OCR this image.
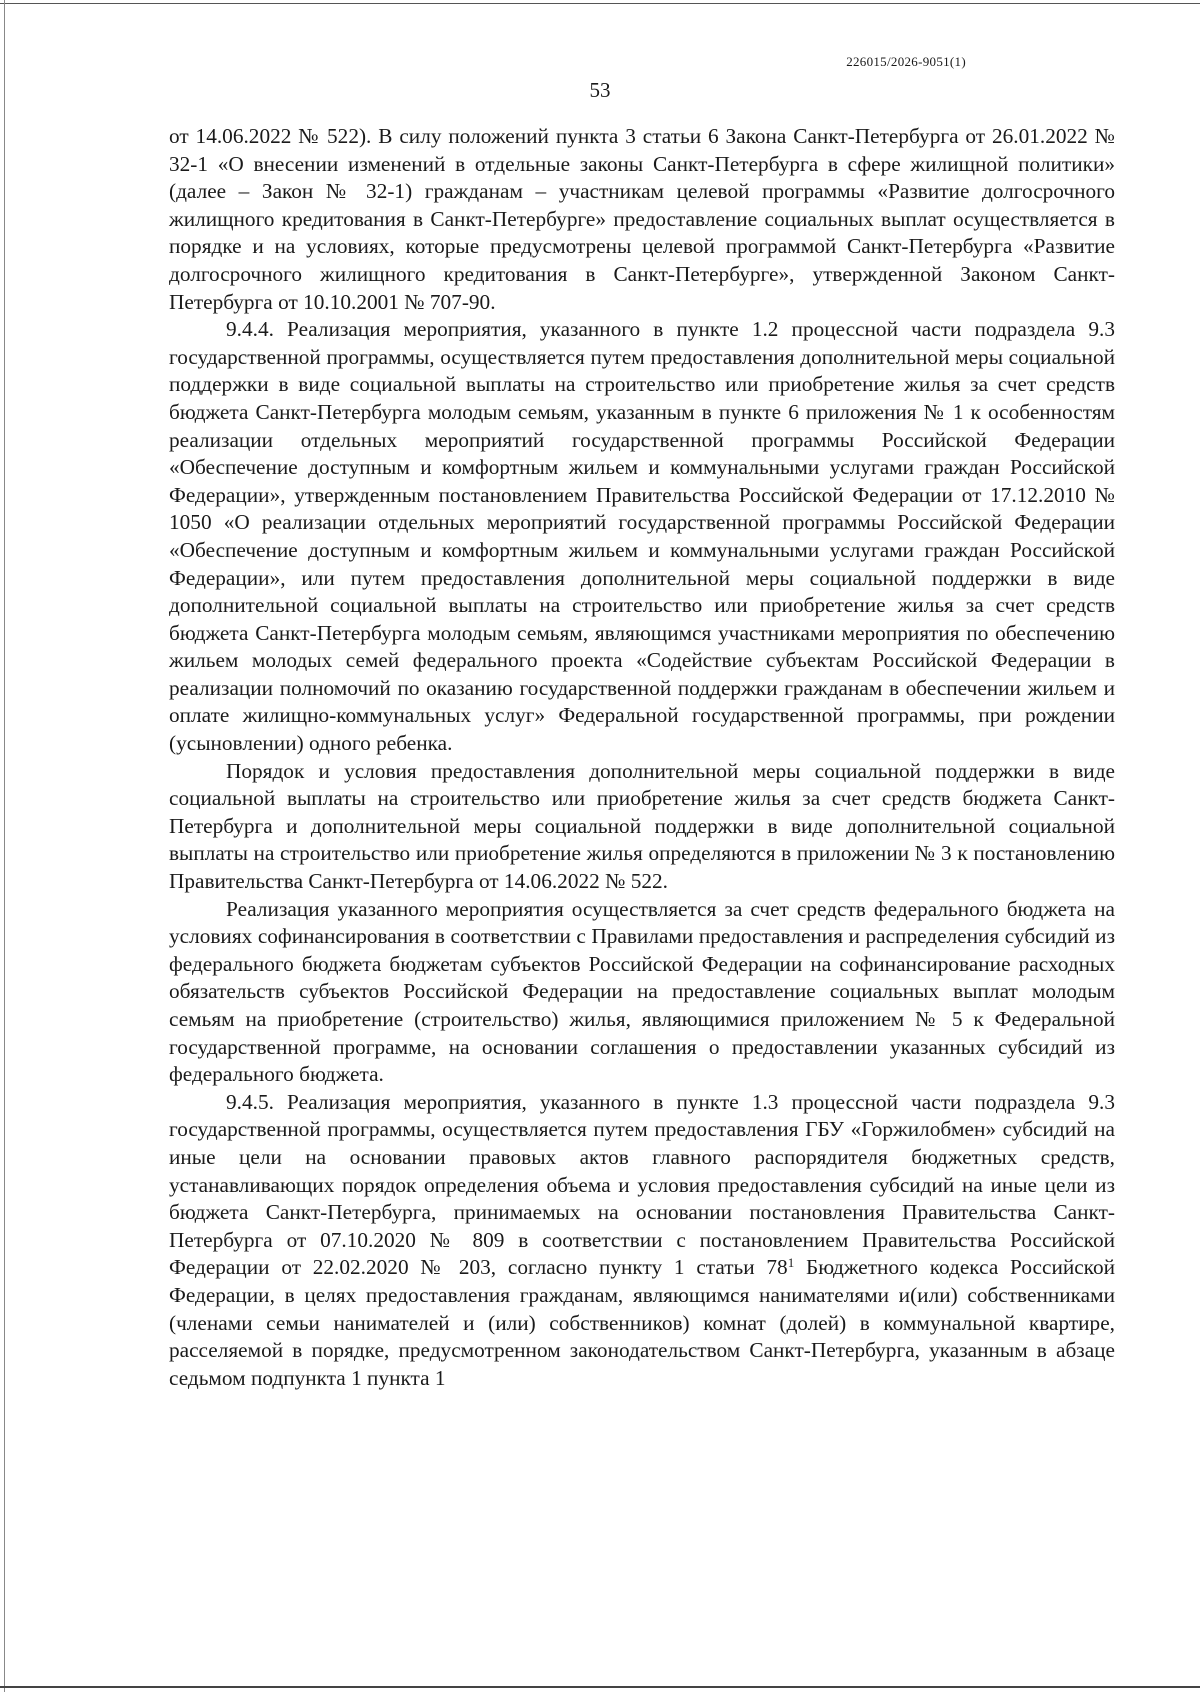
226015/2026-9051(1)
53

от 14.06.2022 № 522). В силу положений пункта 3 статьи 6 Закона Санкт-Петербурга от 26.01.2022 № 32-1 «О внесении изменений в отдельные законы Санкт-Петербурга в сфере жилищной политики» (далее – Закон № 32-1) гражданам – участникам целевой программы «Развитие долгосрочного жилищного кредитования в Санкт-Петербурге» предоставление социальных выплат осуществляется в порядке и на условиях, которые предусмотрены целевой программой Санкт-Петербурга «Развитие долгосрочного жилищного кредитования в Санкт-Петербурге», утвержденной Законом Санкт-Петербурга от 10.10.2001 № 707-90.

9.4.4. Реализация мероприятия, указанного в пункте 1.2 процессной части подраздела 9.3 государственной программы, осуществляется путем предоставления дополнительной меры социальной поддержки в виде социальной выплаты на строительство или приобретение жилья за счет средств бюджета Санкт-Петербурга молодым семьям, указанным в пункте 6 приложения № 1 к особенностям реализации отдельных мероприятий государственной программы Российской Федерации «Обеспечение доступным и комфортным жильем и коммунальными услугами граждан Российской Федерации», утвержденным постановлением Правительства Российской Федерации от 17.12.2010 № 1050 «О реализации отдельных мероприятий государственной программы Российской Федерации «Обеспечение доступным и комфортным жильем и коммунальными услугами граждан Российской Федерации», или путем предоставления дополнительной меры социальной поддержки в виде дополнительной социальной выплаты на строительство или приобретение жилья за счет средств бюджета Санкт-Петербурга молодым семьям, являющимся участниками мероприятия по обеспечению жильем молодых семей федерального проекта «Содействие субъектам Российской Федерации в реализации полномочий по оказанию государственной поддержки гражданам в обеспечении жильем и оплате жилищно-коммунальных услуг» Федеральной государственной программы, при рождении (усыновлении) одного ребенка.

Порядок и условия предоставления дополнительной меры социальной поддержки в виде социальной выплаты на строительство или приобретение жилья за счет средств бюджета Санкт-Петербурга и дополнительной меры социальной поддержки в виде дополнительной социальной выплаты на строительство или приобретение жилья определяются в приложении № 3 к постановлению Правительства Санкт-Петербурга от 14.06.2022 № 522.

Реализация указанного мероприятия осуществляется за счет средств федерального бюджета на условиях софинансирования в соответствии с Правилами предоставления и распределения субсидий из федерального бюджета бюджетам субъектов Российской Федерации на софинансирование расходных обязательств субъектов Российской Федерации на предоставление социальных выплат молодым семьям на приобретение (строительство) жилья, являющимися приложением № 5 к Федеральной государственной программе, на основании соглашения о предоставлении указанных субсидий из федерального бюджета.

9.4.5. Реализация мероприятия, указанного в пункте 1.3 процессной части подраздела 9.3 государственной программы, осуществляется путем предоставления ГБУ «Горжилобмен» субсидий на иные цели на основании правовых актов главного распорядителя бюджетных средств, устанавливающих порядок определения объема и условия предоставления субсидий на иные цели из бюджета Санкт-Петербурга, принимаемых на основании постановления Правительства Санкт-Петербурга от 07.10.2020 № 809 в соответствии с постановлением Правительства Российской Федерации от 22.02.2020 № 203, согласно пункту 1 статьи $78^1$ Бюджетного кодекса Российской Федерации, в целях предоставления гражданам, являющимся нанимателями и(или) собственниками (членами семьи нанимателей и (или) собственников) комнат (долей) в коммунальной квартире, расселяемой в порядке, предусмотренном законодательством Санкт-Петербурга, указанным в абзаце седьмом подпункта 1 пункта 1
